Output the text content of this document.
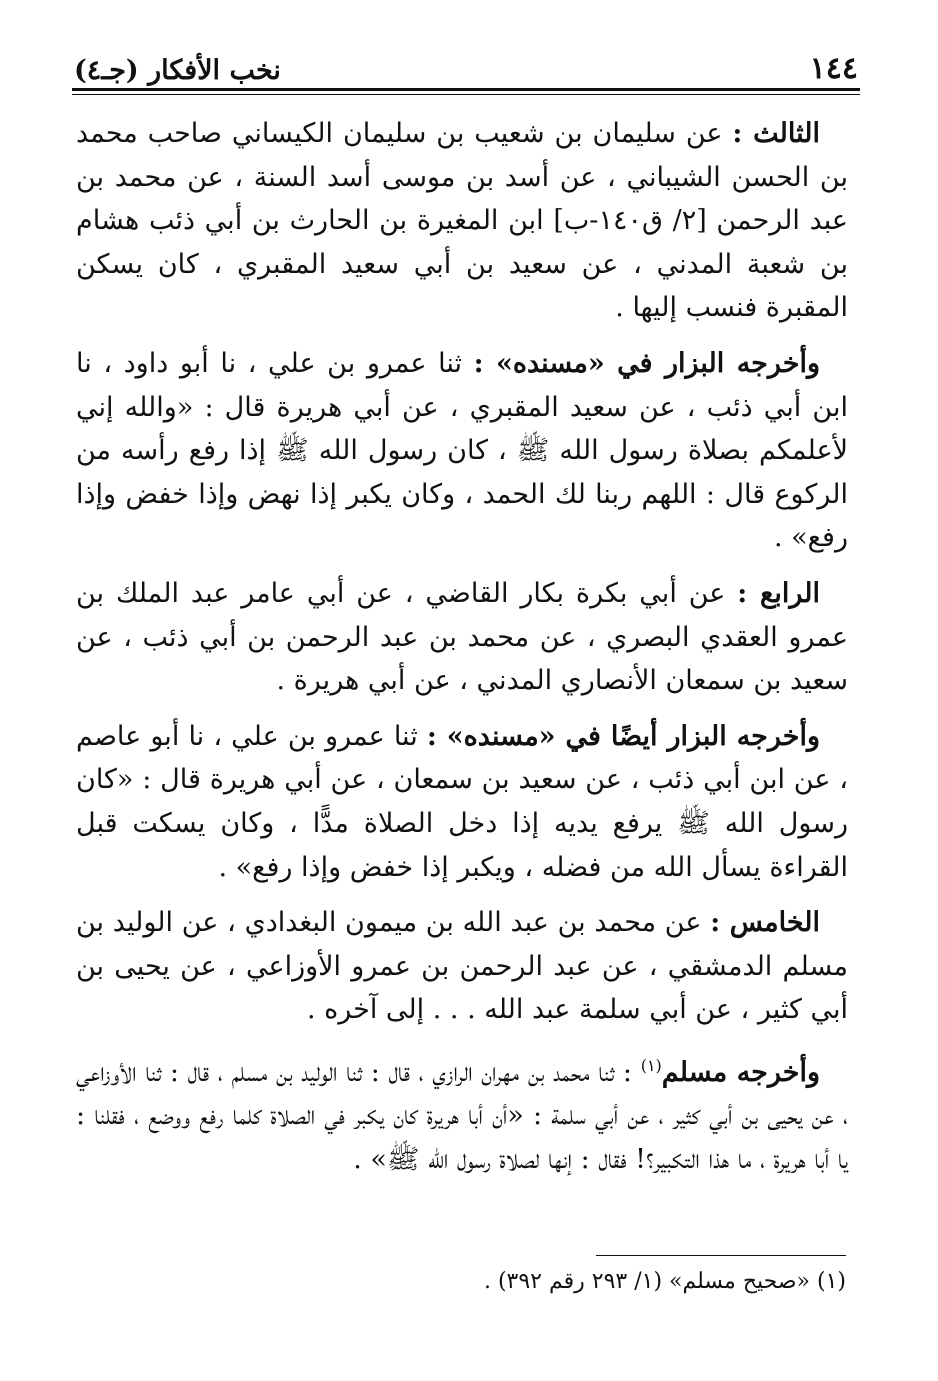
١٤٤
نخب الأفكار (جـ٤)

الثالث : عن سليمان بن شعيب بن سليمان الكيساني صاحب محمد بن الحسن الشيباني ، عن أسد بن موسى أسد السنة ، عن محمد بن عبد الرحمن [٢/ ق١٤٠-ب] ابن المغيرة بن الحارث بن أبي ذئب هشام بن شعبة المدني ، عن سعيد بن أبي سعيد المقبري ، كان يسكن المقبرة فنسب إليها .

وأخرجه البزار في «مسنده» : ثنا عمرو بن علي ، نا أبو داود ، نا ابن أبي ذئب ، عن سعيد المقبري ، عن أبي هريرة قال : «والله إني لأعلمكم بصلاة رسول الله ﷺ ، كان رسول الله ﷺ إذا رفع رأسه من الركوع قال : اللهم ربنا لك الحمد ، وكان يكبر إذا نهض وإذا خفض وإذا رفع» .

الرابع : عن أبي بكرة بكار القاضي ، عن أبي عامر عبد الملك بن عمرو العقدي البصري ، عن محمد بن عبد الرحمن بن أبي ذئب ، عن سعيد بن سمعان الأنصاري المدني ، عن أبي هريرة .

وأخرجه البزار أيضًا في «مسنده» : ثنا عمرو بن علي ، نا أبو عاصم ، عن ابن أبي ذئب ، عن سعيد بن سمعان ، عن أبي هريرة قال : «كان رسول الله ﷺ يرفع يديه إذا دخل الصلاة مدًّا ، وكان يسكت قبل القراءة يسأل الله من فضله ، ويكبر إذا خفض وإذا رفع» .

الخامس : عن محمد بن عبد الله بن ميمون البغدادي ، عن الوليد بن مسلم الدمشقي ، عن عبد الرحمن بن عمرو الأوزاعي ، عن يحيى بن أبي كثير ، عن أبي سلمة عبد الله . . . إلى آخره .

وأخرجه مسلم$^{(١)}$ : ثنا محمد بن مهران الرازي ، قال : ثنا الوليد بن مسلم ، قال : ثنا الأوزاعي ، عن يحيى بن أبي كثير ، عن أبي سلمة : «أن أبا هريرة كان يكبر في الصلاة كلما رفع ووضع ، فقلنا : يا أبا هريرة ، ما هذا التكبير؟! فقال : إنها لصلاة رسول الله ﷺ» .

(١) «صحيح مسلم» (١/ ٢٩٣ رقم ٣٩٢) .
